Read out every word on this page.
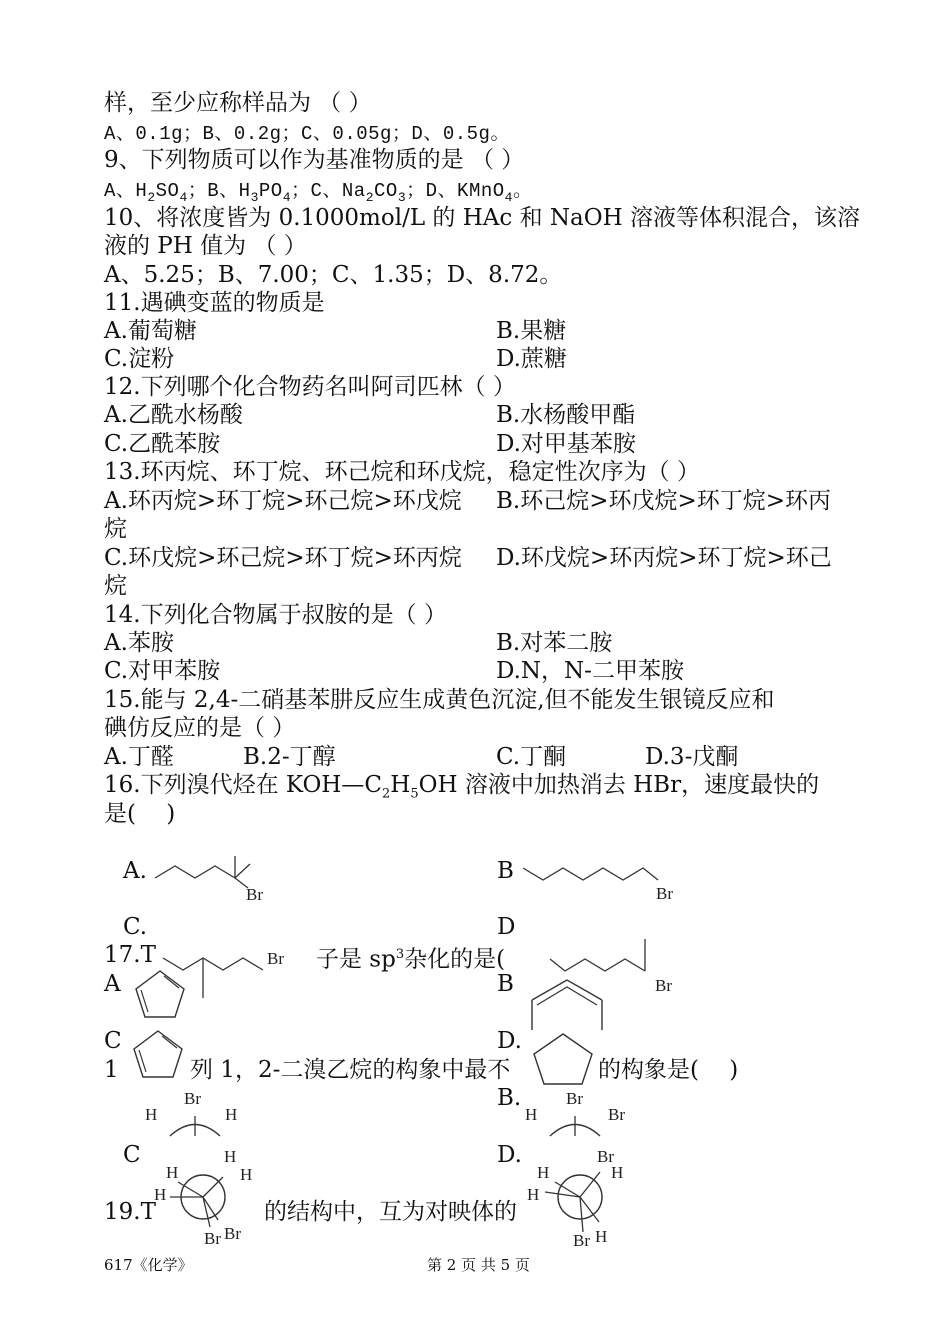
样，至少应称样品为 （ ）
A、0.1g；B、0.2g；C、0.05g；D、0.5g。
9、下列物质可以作为基准物质的是 （ ）
A、$H_2SO_4$；B、$H_3PO_4$；C、$Na_2CO_3$；D、KMnO$_4$。
10、将浓度皆为 0.1000mol/L 的 HAc 和 NaOH 溶液等体积混合，该溶
液的 PH 值为 （ ）
A、5.25；B、7.00；C、1.35；D、8.72。
11.遇碘变蓝的物质是
A.葡萄糖	B.果糖
C.淀粉	D.蔗糖
12.下列哪个化合物药名叫阿司匹林（ ）
A.乙酰水杨酸	B.水杨酸甲酯
C.乙酰苯胺	D.对甲基苯胺
13.环丙烷、环丁烷、环己烷和环戊烷，稳定性次序为（ ）
A.环丙烷>环丁烷>环己烷>环戊烷 B.环己烷>环戊烷>环丁烷>环丙
烷
C.环戊烷>环己烷>环丁烷>环丙烷 D.环戊烷>环丙烷>环丁烷>环己
烷
14.下列化合物属于叔胺的是（ ）
A.苯胺	B.对苯二胺
C.对甲苯胺	D.N，N-二甲苯胺
15.能与 2,4-二硝基苯肼反应生成黄色沉淀,但不能发生银镜反应和
碘仿反应的是（ ）
A.丁醛	B.2-丁醇	C.丁酮	D.3-戊酮
16.下列溴代烃在 $KOH—C_2H_5OH$ 溶液中加热消去 HBr，速度最快的
是(　 )
A.
Br
B
Br
C.	D
17.T	子是 $sp^3$杂化的是(
Br
Br
A	B
C	D.
1	列 1，2-二溴乙烷的构象中最不	的构象是(　 )
B.
Br
H	H
Br
H	Br
C	D.
H
H
H
H
Br Br
H
Br
H
H
Br H
19.T	的结构中，互为对映体的
617《化学》	第 2 页 共 5 页
